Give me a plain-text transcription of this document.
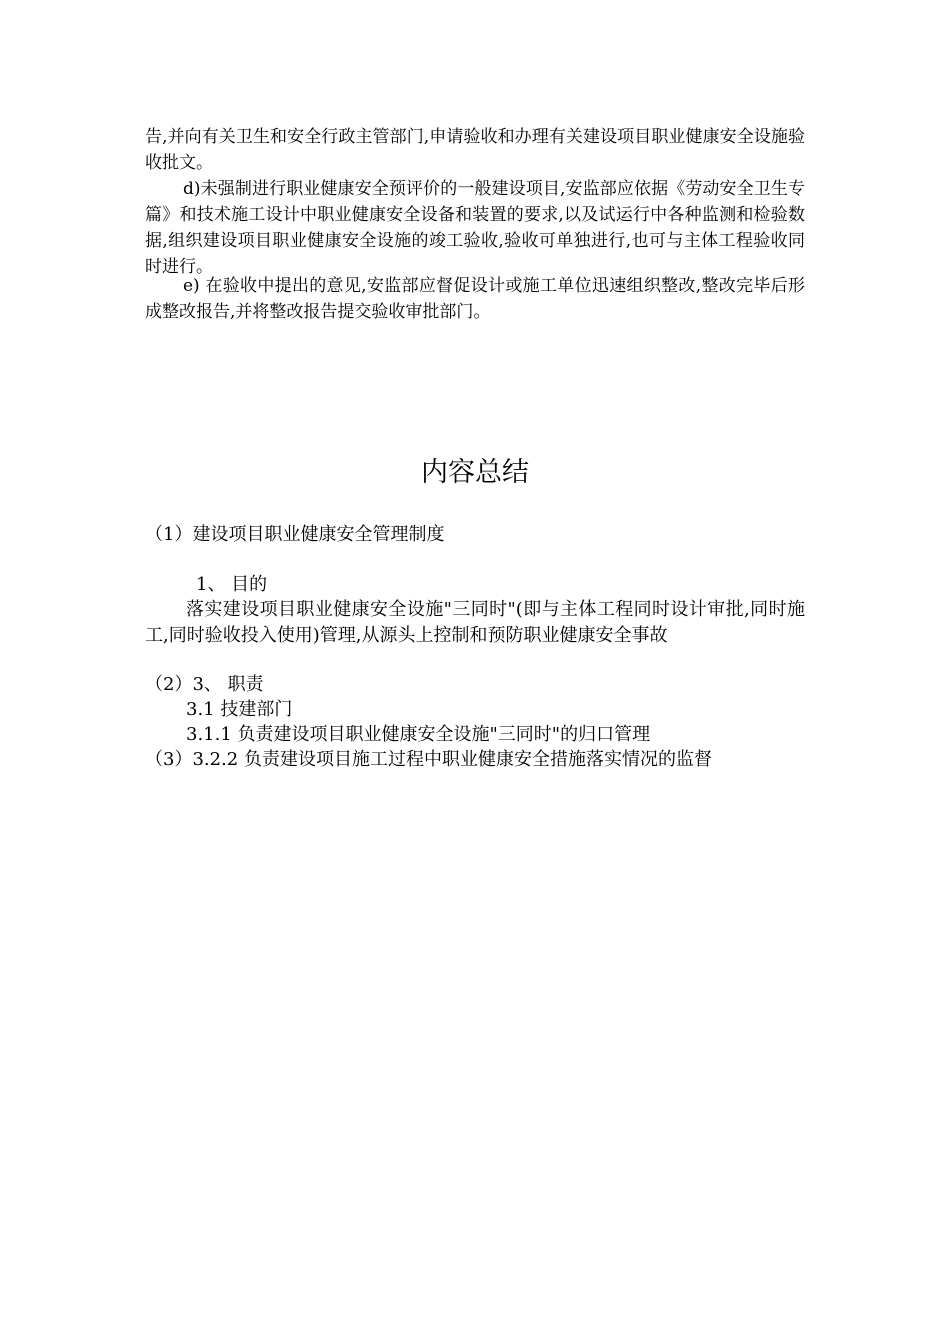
告,并向有关卫生和安全行政主管部门,申请验收和办理有关建设项目职业健康安全设施验收批文。

d)未强制进行职业健康安全预评价的一般建设项目,安监部应依据《劳动安全卫生专篇》和技术施工设计中职业健康安全设备和装置的要求,以及试运行中各种监测和检验数据,组织建设项目职业健康安全设施的竣工验收,验收可单独进行,也可与主体工程验收同时进行。

e) 在验收中提出的意见,安监部应督促设计或施工单位迅速组织整改,整改完毕后形成整改报告,并将整改报告提交验收审批部门。

内容总结

（1）建设项目职业健康安全管理制度

1、 目的

落实建设项目职业健康安全设施"三同时"(即与主体工程同时设计审批,同时施工,同时验收投入使用)管理,从源头上控制和预防职业健康安全事故

（2）3、 职责

3.1 技建部门

3.1.1 负责建设项目职业健康安全设施"三同时"的归口管理

（3）3.2.2 负责建设项目施工过程中职业健康安全措施落实情况的监督
